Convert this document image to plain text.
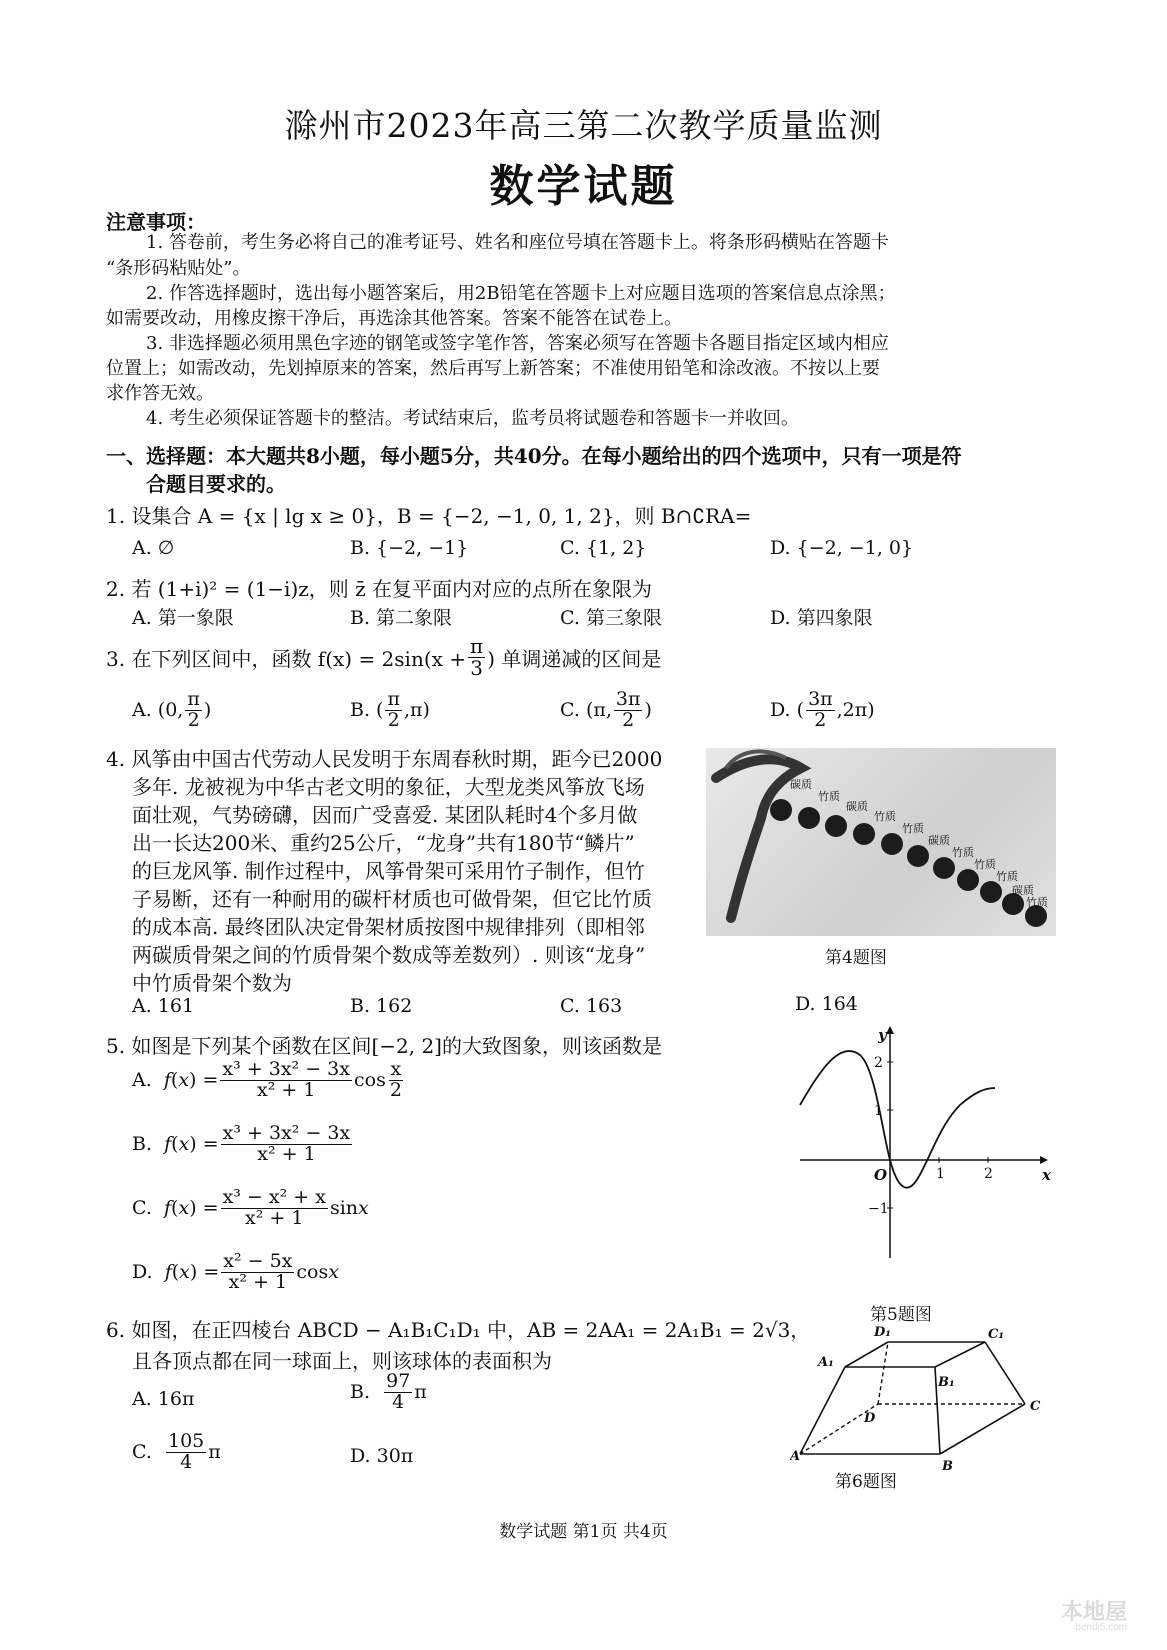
滁州市2023年高三第二次教学质量监测
数学试题
注意事项：
1. 答卷前，考生务必将自己的准考证号、姓名和座位号填在答题卡上。将条形码横贴在答题卡
“条形码粘贴处”。
2. 作答选择题时，选出每小题答案后，用2B铅笔在答题卡上对应题目选项的答案信息点涂黑；
如需要改动，用橡皮擦干净后，再选涂其他答案。答案不能答在试卷上。
3. 非选择题必须用黑色字迹的钢笔或签字笔作答，答案必须写在答题卡各题目指定区域内相应
位置上；如需改动，先划掉原来的答案，然后再写上新答案；不准使用铅笔和涂改液。不按以上要
求作答无效。
4. 考生必须保证答题卡的整洁。考试结束后，监考员将试题卷和答题卡一并收回。
一、选择题：本大题共8小题，每小题5分，共40分。在每小题给出的四个选项中，只有一项是符
合题目要求的。
1. 设集合 A = {x | lg x ≥ 0}，B = {−2, −1, 0, 1, 2}，则 B∩∁RA=
A. ∅	B. {−2, −1}	C. {1, 2}	D. {−2, −1, 0}
2. 若 (1+i)² = (1−i)z，则 z̄ 在复平面内对应的点所在象限为
A. 第一象限	B. 第二象限	C. 第三象限	D. 第四象限
3. 在下列区间中，函数 $f(x) = 2\sin(x + \frac{\pi}{3}$ ) 单调递减的区间是
A. (0, $\frac{\pi}{2}$ )	B. ( $\frac{\pi}{2} ,\pi$)	C. (π, $\frac{3\pi}{2}$ )	D. ( $\frac{3\pi}{2} ,2\pi$)
4. 风筝由中国古代劳动人民发明于东周春秋时期，距今已2000
多年. 龙被视为中华古老文明的象征，大型龙类风筝放飞场
面壮观，气势磅礴，因而广受喜爱. 某团队耗时4个多月做
出一长达200米、重约25公斤，“龙身”共有180节“鳞片”
的巨龙风筝. 制作过程中，风筝骨架可采用竹子制作，但竹
子易断，还有一种耐用的碳杆材质也可做骨架，但它比竹质
的成本高. 最终团队决定骨架材质按图中规律排列（即相邻
两碳质骨架之间的竹质骨架个数成等差数列）. 则该“龙身”
中竹质骨架个数为
A. 161	B. 162	C. 163	D. 164
碳质
竹质
碳质
竹质
竹质
碳质
竹质
竹质
竹质
碳质
竹质
第4题图
5. 如图是下列某个函数在区间[−2, 2]的大致图象，则该函数是
A.
f ( x ) = $\frac{\text{x³ + 3x² − 3x}}{\text{x² + 1}}$ $\cos \frac{x}{2}$
B.
f ( x ) = $\frac{\text{x³ + 3x² − 3x}}{\text{x² + 1}}$
C.
f ( x ) = $\frac{\text{x³ − x² + x}}{\text{x² + 1}}$ sin x
D.
f ( x ) = $\frac{\text{x² − 5x}}{\text{x² + 1}}$ cos x
y
x
O	1	2
2
1
−1
第5题图
6. 如图，在正四棱台 ABCD − A₁B₁C₁D₁ 中，AB = 2AA₁ = 2A₁B₁ = 2√3，
且各顶点都在同一球面上，则该球体的表面积为
A. 16π	B.
$\frac{97}{4}$ π
C.
$\frac{105}{4}$ π	D. 30π
D₁	C₁
A₁
B₁
D
C
A
B
第6题图
数学试题 第1页 共4页
本地屋
bendi5.com
